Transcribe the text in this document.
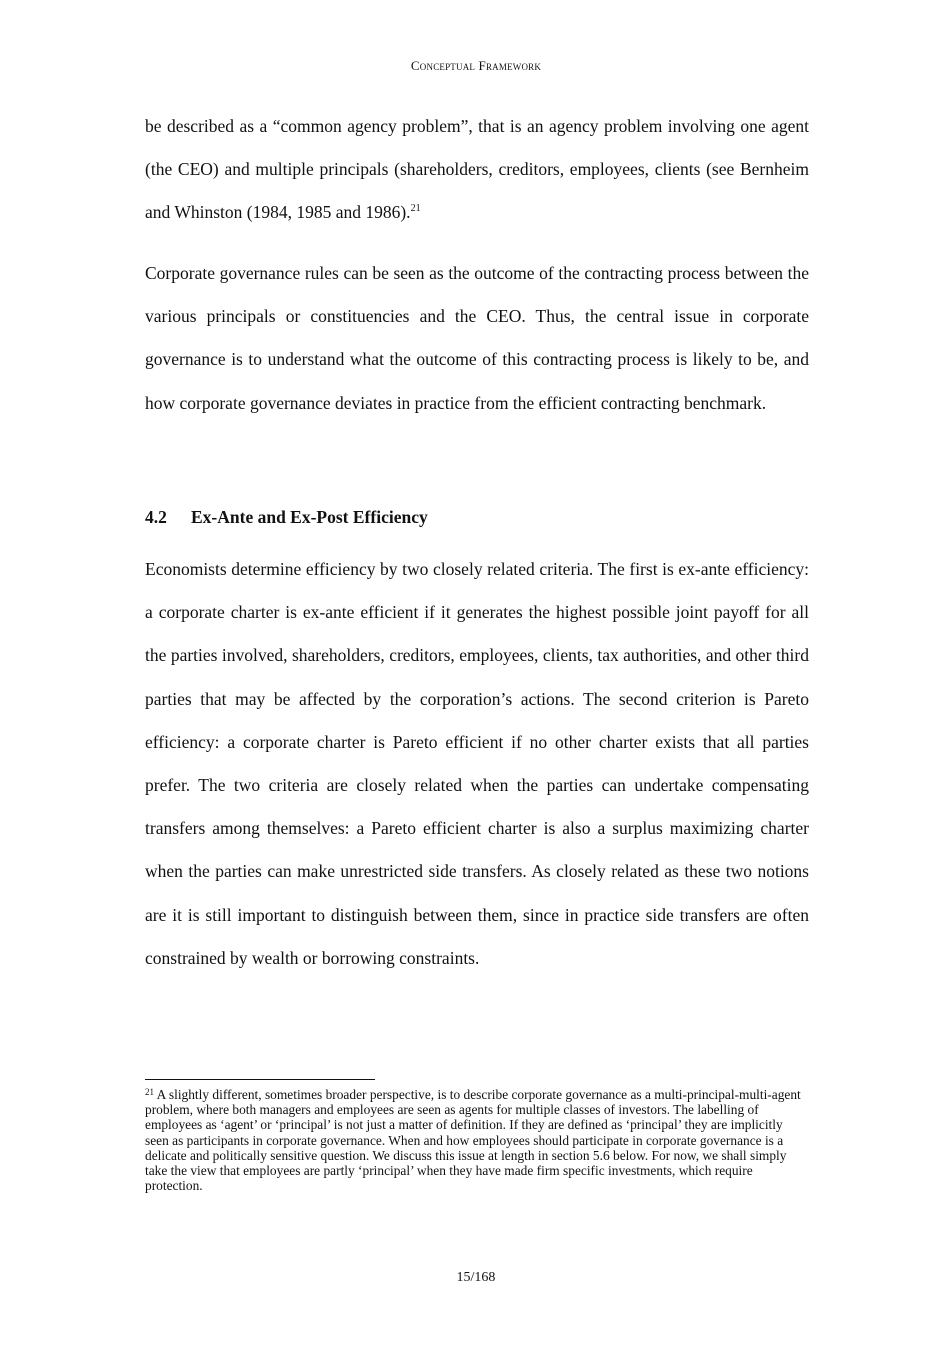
Conceptual Framework

be described as a “common agency problem”, that is an agency problem involving one agent (the CEO) and multiple principals (shareholders, creditors, employees, clients (see Bernheim and Whinston (1984, 1985 and 1986).$^{21}$

Corporate governance rules can be seen as the outcome of the contracting process between the various principals or constituencies and the CEO. Thus, the central issue in corporate governance is to understand what the outcome of this contracting process is likely to be, and how corporate governance deviates in practice from the efficient contracting benchmark.

4.2 Ex-Ante and Ex-Post Efficiency

Economists determine efficiency by two closely related criteria. The first is ex-ante efficiency: a corporate charter is ex-ante efficient if it generates the highest possible joint payoff for all the parties involved, shareholders, creditors, employees, clients, tax authorities, and other third parties that may be affected by the corporation’s actions. The second criterion is Pareto efficiency: a corporate charter is Pareto efficient if no other charter exists that all parties prefer. The two criteria are closely related when the parties can undertake compensating transfers among themselves: a Pareto efficient charter is also a surplus maximizing charter when the parties can make unrestricted side transfers. As closely related as these two notions are it is still important to distinguish between them, since in practice side transfers are often constrained by wealth or borrowing constraints.

$^{21}$ A slightly different, sometimes broader perspective, is to describe corporate governance as a multi-principal-multi-agent problem, where both managers and employees are seen as agents for multiple classes of investors. The labelling of employees as ‘agent’ or ‘principal’ is not just a matter of definition. If they are defined as ‘principal’ they are implicitly seen as participants in corporate governance. When and how employees should participate in corporate governance is a delicate and politically sensitive question. We discuss this issue at length in section 5.6 below. For now, we shall simply take the view that employees are partly ‘principal’ when they have made firm specific investments, which require protection.

15/168
